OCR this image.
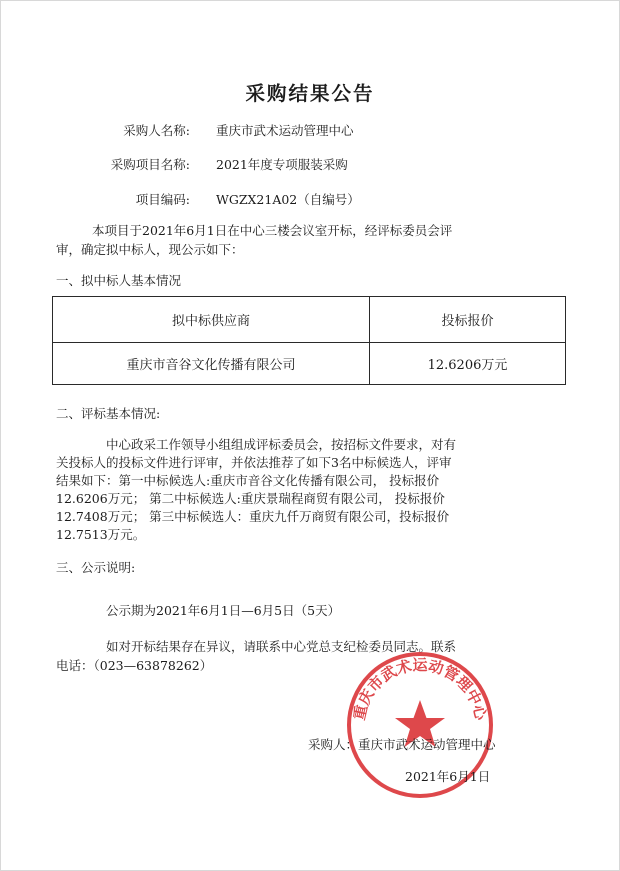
采购结果公告
采购人名称: 重庆市武术运动管理中心
采购项目名称: 2021年度专项服装采购
项目编码: WGZX21A02（自编号）
本项目于2021年6月1日在中心三楼会议室开标，经评标委员会评
审，确定拟中标人，现公示如下：
一、拟中标人基本情况
拟中标供应商	投标报价
重庆市音谷文化传播有限公司	12.6206万元
二、评标基本情况:
中心政采工作领导小组组成评标委员会，按招标文件要求，对有
关投标人的投标文件进行评审，并依法推荐了如下3名中标候选人，评审
结果如下：第一中标候选人:重庆市音谷文化传播有限公司， 投标报价
12.6206万元； 第二中标候选人:重庆景瑞程商贸有限公司， 投标报价
12.7408万元； 第三中标候选人：重庆九仟万商贸有限公司，投标报价
12.7513万元。
三、公示说明:
公示期为2021年6月1日—6月5日（5天）
如对开标结果存在异议，请联系中心党总支纪检委员同志。联系
电话：（023—63878262）
重庆市武术运动管理中心
采购人：重庆市武术运动管理中心
2021年6月1日
